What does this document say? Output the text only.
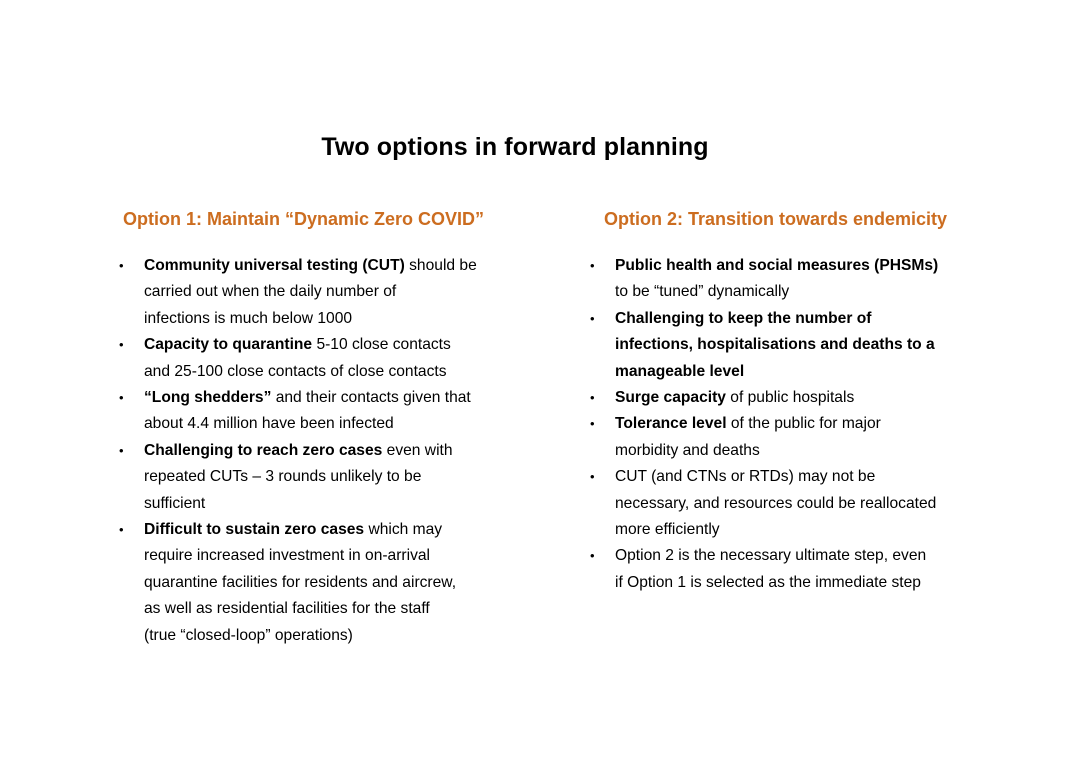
Two options in forward planning
Option 1: Maintain “Dynamic Zero COVID”
• Community universal testing (CUT) should be
carried out when the daily number of
infections is much below 1000
• Capacity to quarantine 5-10 close contacts
and 25-100 close contacts of close contacts
• “Long shedders” and their contacts given that
about 4.4 million have been infected
• Challenging to reach zero cases even with
repeated CUTs – 3 rounds unlikely to be
sufficient
• Difficult to sustain zero cases which may
require increased investment in on-arrival
quarantine facilities for residents and aircrew,
as well as residential facilities for the staff
(true “closed-loop” operations)
Option 2: Transition towards endemicity
• Public health and social measures (PHSMs)
to be “tuned” dynamically
• Challenging to keep the number of
infections, hospitalisations and deaths to a
manageable level
• Surge capacity of public hospitals
• Tolerance level of the public for major
morbidity and deaths
• CUT (and CTNs or RTDs) may not be
necessary, and resources could be reallocated
more efficiently
• Option 2 is the necessary ultimate step, even
if Option 1 is selected as the immediate step
